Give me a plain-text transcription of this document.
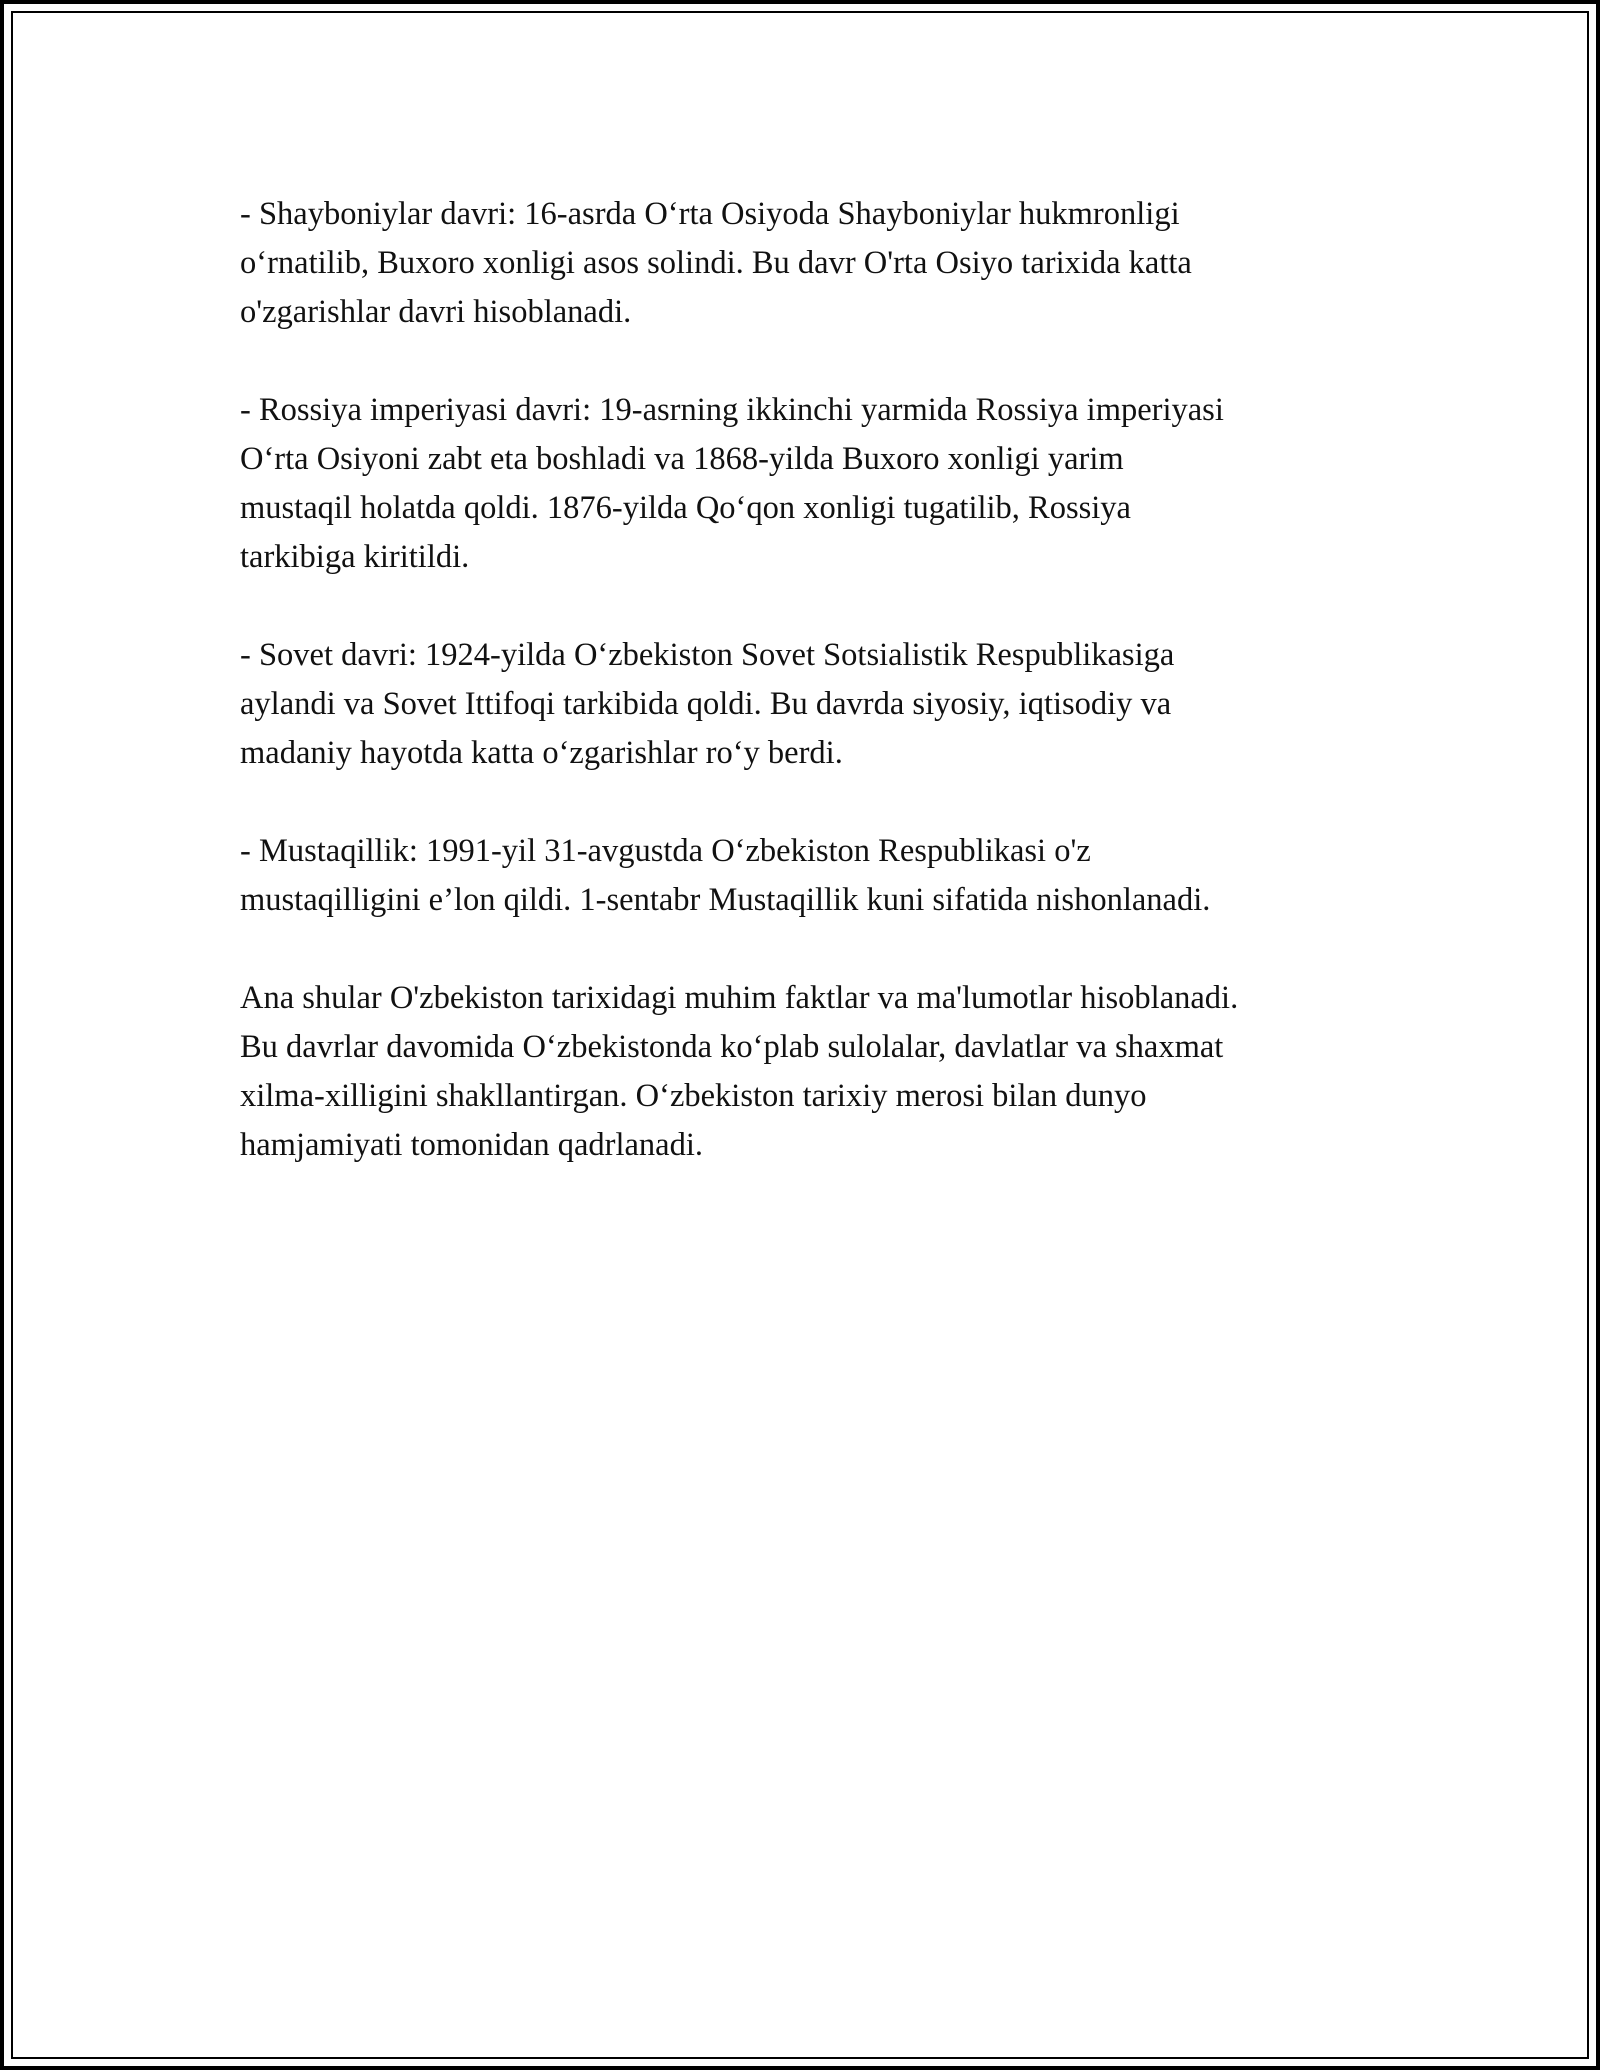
- Shayboniylar davri: 16-asrda O‘rta Osiyoda Shayboniylar hukmronligi
o‘rnatilib, Buxoro xonligi asos solindi. Bu davr O'rta Osiyo tarixida katta
o'zgarishlar davri hisoblanadi.

- Rossiya imperiyasi davri: 19-asrning ikkinchi yarmida Rossiya imperiyasi
O‘rta Osiyoni zabt eta boshladi va 1868-yilda Buxoro xonligi yarim
mustaqil holatda qoldi. 1876-yilda Qo‘qon xonligi tugatilib, Rossiya
tarkibiga kiritildi.

- Sovet davri: 1924-yilda O‘zbekiston Sovet Sotsialistik Respublikasiga
aylandi va Sovet Ittifoqi tarkibida qoldi. Bu davrda siyosiy, iqtisodiy va
madaniy hayotda katta o‘zgarishlar ro‘y berdi.

- Mustaqillik: 1991-yil 31-avgustda O‘zbekiston Respublikasi o'z
mustaqilligini e’lon qildi. 1-sentabr Mustaqillik kuni sifatida nishonlanadi.

Ana shular O'zbekiston tarixidagi muhim faktlar va ma'lumotlar hisoblanadi.
Bu davrlar davomida O‘zbekistonda ko‘plab sulolalar, davlatlar va shaxmat
xilma-xilligini shakllantirgan. O‘zbekiston tarixiy merosi bilan dunyo
hamjamiyati tomonidan qadrlanadi.
